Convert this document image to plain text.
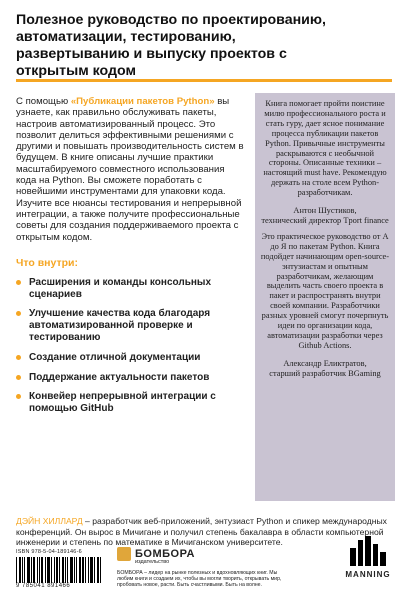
Полезное руководство по проектированию, автоматизации, тестированию, развертыванию и выпуску проектов с открытым кодом

С помощью «Публикации пакетов Python» вы узнаете, как правильно обслуживать пакеты, настроив автоматизированный процесс. Это позволит делиться эффективными решениями с другими и повышать производительность систем в будущем. В книге описаны лучшие практики масштабируемого совместного использования кода на Python. Вы сможете поработать с новейшими инструментами для упаковки кода. Изучите все нюансы тестирования и непрерывной интеграции, а также получите профессиональные советы для создания поддерживаемого проекта с открытым кодом.

Что внутри:
Расширения и команды консольных сценариев
Улучшение качества кода благодаря автоматизированной проверке и тестированию
Создание отличной документации
Поддержание актуальности пакетов
Конвейер непрерывной интеграции с помощью GitHub

Книга помогает пройти поистине милю профессионального роста и стать гуру, дает ясное понимание процесса публикации пакетов Python. Привычные инструменты раскрываются с необычной стороны. Описанные техники – настоящий must have. Рекомендую держать на столе всем Python-разработчикам.

Антон Шустиков,
технический директор Tport finance

Это практическое руководство от А до Я по пакетам Python. Книга подойдет начинающим open-source-энтузиастам и опытным разработчикам, желающим выделить часть своего проекта в пакет и распространять внутри своей компании. Разработчики разных уровней смогут почерпнуть идеи по организации кода, автоматизации разработки через Github Actions.

Александр Еликтратов,
старший разработчик BGaming

ДЭЙН ХИЛЛАРД – разработчик веб-приложений, энтузиаст Python и спикер международных конференций. Он вырос в Мичигане и получил степень бакалавра в области компьютерной инженерии и степень по математике в Мичиганском университете.
ISBN 978-5-04-189146-6
9 785041 891466
БОМБОРА
издательство
БОМБОРА – лидер на рынке полезных и вдохновляющих книг. Мы любим книги и создаем их, чтобы вы могли творить, открывать мир, пробовать новое, расти. Быть счастливыми. Быть на волне.
MANNING
